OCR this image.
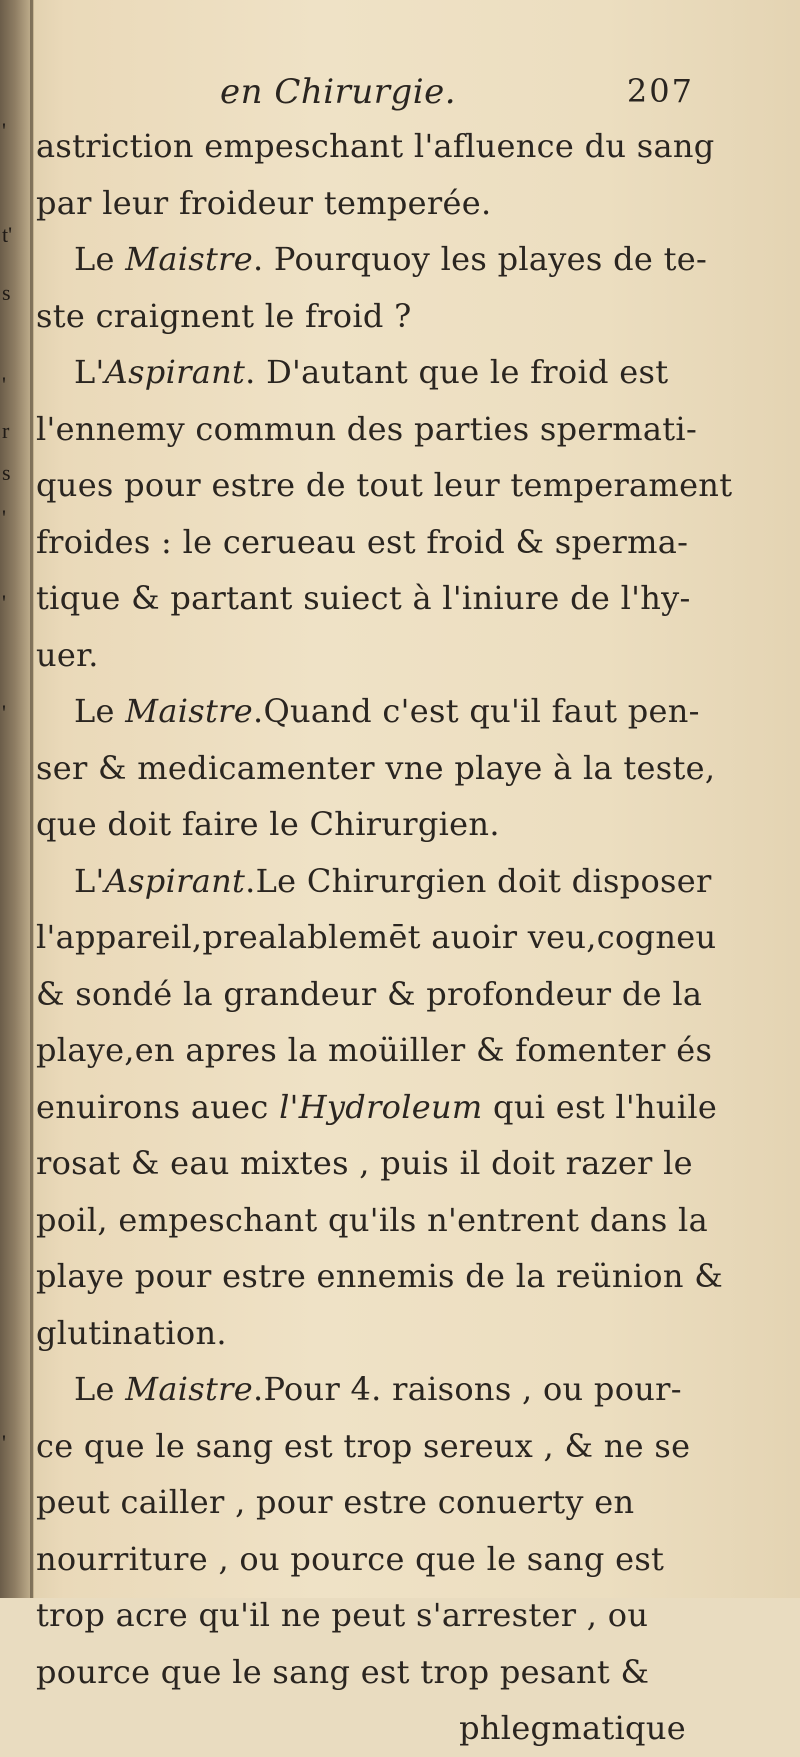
'
t'
s
'
r
s
'
'
'
'
en Chirurgie.	207
astriction empeschant l'afluence du sang
par leur froideur temperée.
Le Maistre. Pourquoy les playes de te-
ste craignent le froid ?
L'Aspirant. D'autant que le froid est
l'ennemy commun des parties spermati-
ques pour estre de tout leur temperament
froides : le cerueau est froid & sperma-
tique & partant suiect à l'iniure de l'hy-
uer.
Le Maistre.Quand c'est qu'il faut pen-
ser & medicamenter vne playe à la teste,
que doit faire le Chirurgien.
L'Aspirant.Le Chirurgien doit disposer
l'appareil,prealablemēt auoir veu,cogneu
& sondé la grandeur & profondeur de la
playe,en apres la moüiller & fomenter és
enuirons auec l'Hydroleum qui est l'huile
rosat & eau mixtes , puis il doit razer le
poil, empeschant qu'ils n'entrent dans la
playe pour estre ennemis de la reünion &
glutination.
Le Maistre.Pour 4. raisons , ou pour-
ce que le sang est trop sereux , & ne se
peut cailler , pour estre conuerty en
nourriture , ou pource que le sang est
trop acre qu'il ne peut s'arrester , ou
pource que le sang est trop pesant &
phlegmatique
